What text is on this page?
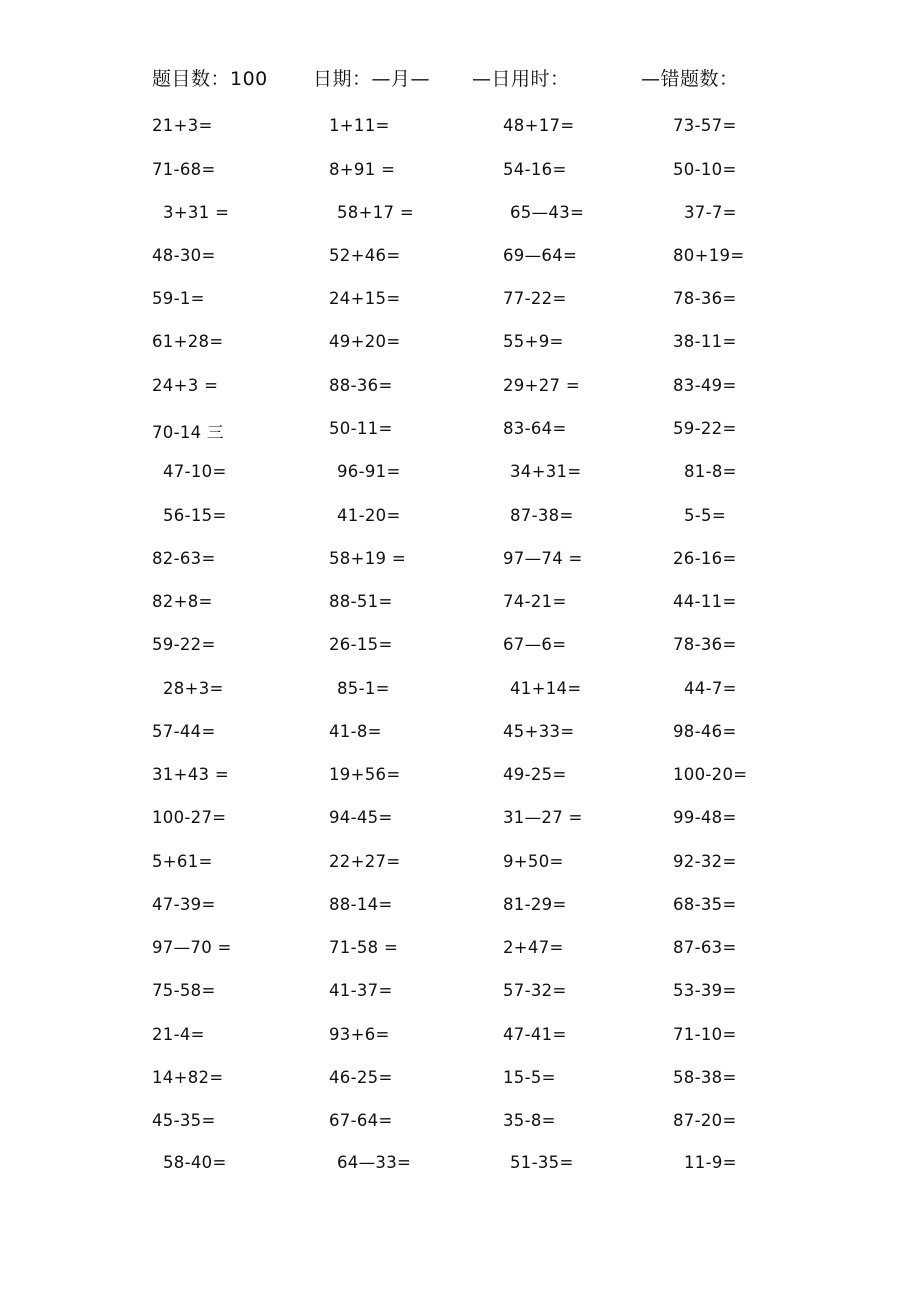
题目数：100 日期：—月— —日用时：	—错题数：
21+3=	1+11=	48+17=	73-57=
71-68=	8+91 =	54-16=	50-10=
3+31 =	58+17 =	65—43=	37-7=
48-30=	52+46=	69—64=	80+19=
59-1=	24+15=	77-22=	78-36=
61+28=	49+20=	55+9=	38-11=
24+3 =	88-36=	29+27 =	83-49=
70-14 三	50-11=	83-64=	59-22=
47-10=	96-91=	34+31=	81-8=
56-15=	41-20=	87-38=	5-5=
82-63=	58+19 =	97—74 =	26-16=
82+8=	88-51=	74-21=	44-11=
59-22=	26-15=	67—6=	78-36=
28+3=	85-1=	41+14=	44-7=
57-44=	41-8=	45+33=	98-46=
31+43 =	19+56=	49-25=	100-20=
100-27=	94-45=	31—27 =	99-48=
5+61=	22+27=	9+50=	92-32=
47-39=	88-14=	81-29=	68-35=
97—70 =	71-58 =	2+47=	87-63=
75-58=	41-37=	57-32=	53-39=
21-4=	93+6=	47-41=	71-10=
14+82=	46-25=	15-5=	58-38=
45-35=	67-64=	35-8=	87-20=
58-40=	64—33=	51-35=	11-9=
